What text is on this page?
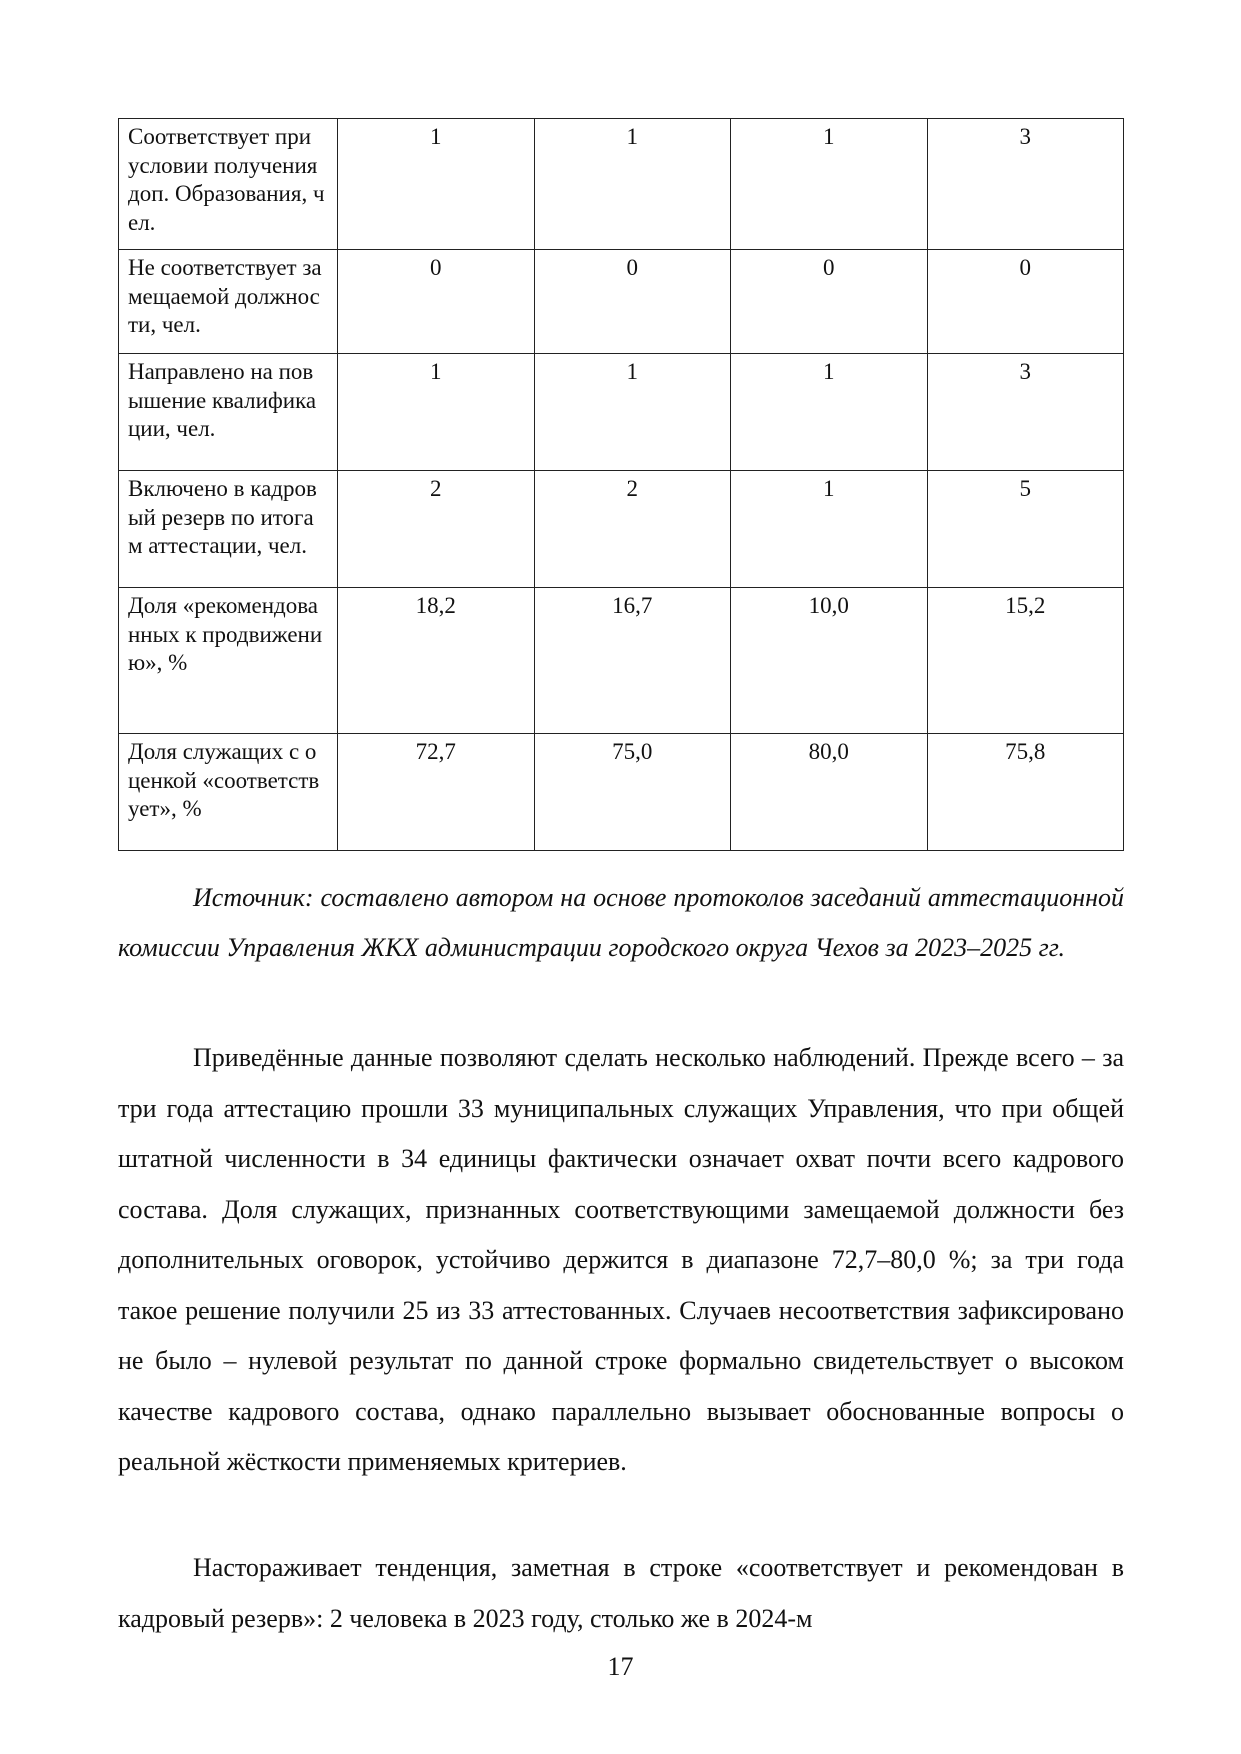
Соответствует при условии получения доп. Образования, чел.	1	1	1	3
Не соответствует замещаемой должности, чел.	0	0	0	0
Направлено на повышение квалификации, чел.	1	1	1	3
Включено в кадровый резерв по итогам аттестации, чел.	2	2	1	5
Доля «рекомендованных к продвижению», %	18,2	16,7	10,0	15,2
Доля служащих с оценкой «соответствует», %	72,7	75,0	80,0	75,8

Источник: составлено автором на основе протоколов заседаний аттестационной комиссии Управления ЖКХ администрации городского округа Чехов за 2023–2025 гг.

Приведённые данные позволяют сделать несколько наблюдений. Прежде всего – за три года аттестацию прошли 33 муниципальных служащих Управления, что при общей штатной численности в 34 единицы фактически означает охват почти всего кадрового состава. Доля служащих, признанных соответствующими замещаемой должности без дополнительных оговорок, устойчиво держится в диапазоне 72,7–80,0 %; за три года такое решение получили 25 из 33 аттестованных. Случаев несоответствия зафиксировано не было – нулевой результат по данной строке формально свидетельствует о высоком качестве кадрового состава, однако параллельно вызывает обоснованные вопросы о реальной жёсткости применяемых критериев.

Настораживает тенденция, заметная в строке «соответствует и рекомендован в кадровый резерв»: 2 человека в 2023 году, столько же в 2024-м

17
